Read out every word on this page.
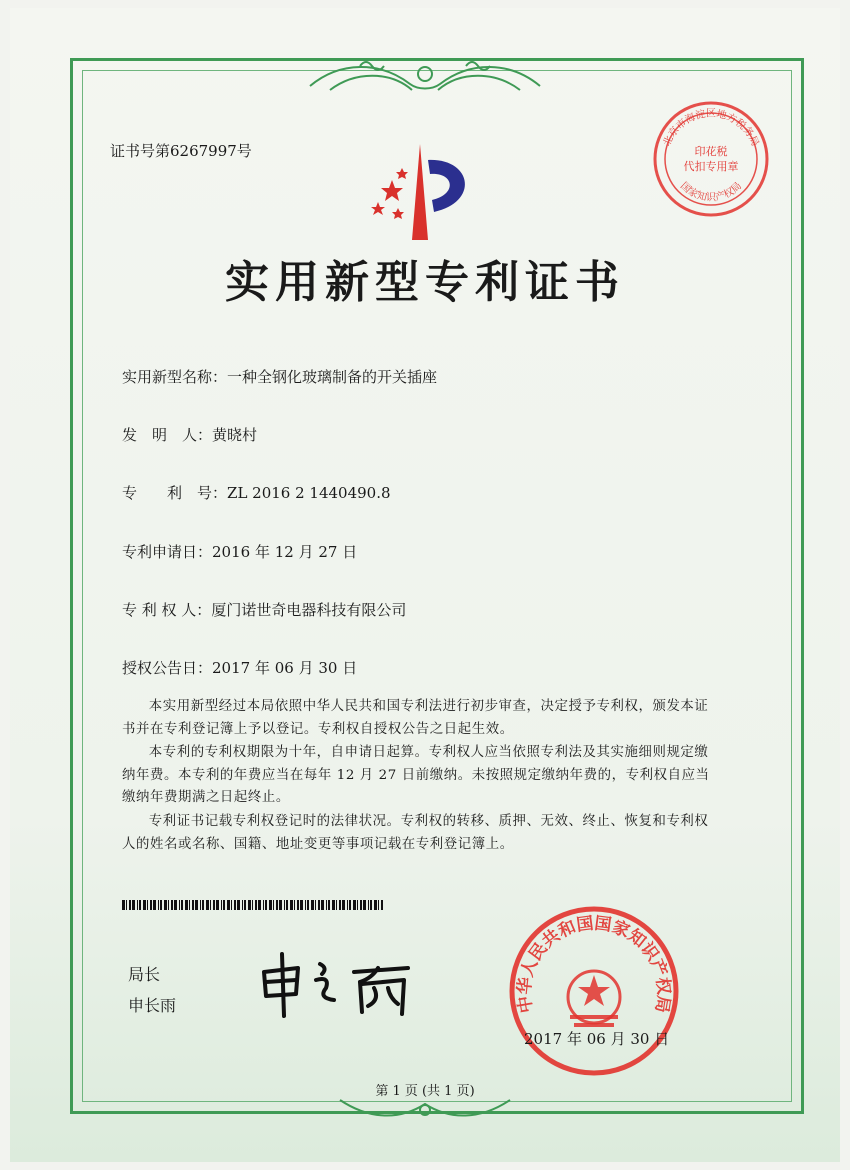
证书号第6267997号
实用新型专利证书
实用新型名称：一种全钢化玻璃制备的开关插座
发　明　人：黄晓村
专　　利　号：ZL 2016 2 1440490.8
专利申请日：2016 年 12 月 27 日
专 利 权 人：厦门诺世奇电器科技有限公司
授权公告日：2017 年 06 月 30 日
本实用新型经过本局依照中华人民共和国专利法进行初步审查，决定授予专利权，颁发本证书并在专利登记簿上予以登记。专利权自授权公告之日起生效。
本专利的专利权期限为十年，自申请日起算。专利权人应当依照专利法及其实施细则规定缴纳年费。本专利的年费应当在每年 12 月 27 日前缴纳。未按照规定缴纳年费的，专利权自应当缴纳年费期满之日起终止。
专利证书记载专利权登记时的法律状况。专利权的转移、质押、无效、终止、恢复和专利权人的姓名或名称、国籍、地址变更等事项记载在专利登记簿上。
局长
申长雨	中华人民共和国国家知识产权局
2017 年 06 月 30 日
北京市海淀区地方税务局
印花税
代扣专用章
国家知识产权局
第 1 页 (共 1 页)
